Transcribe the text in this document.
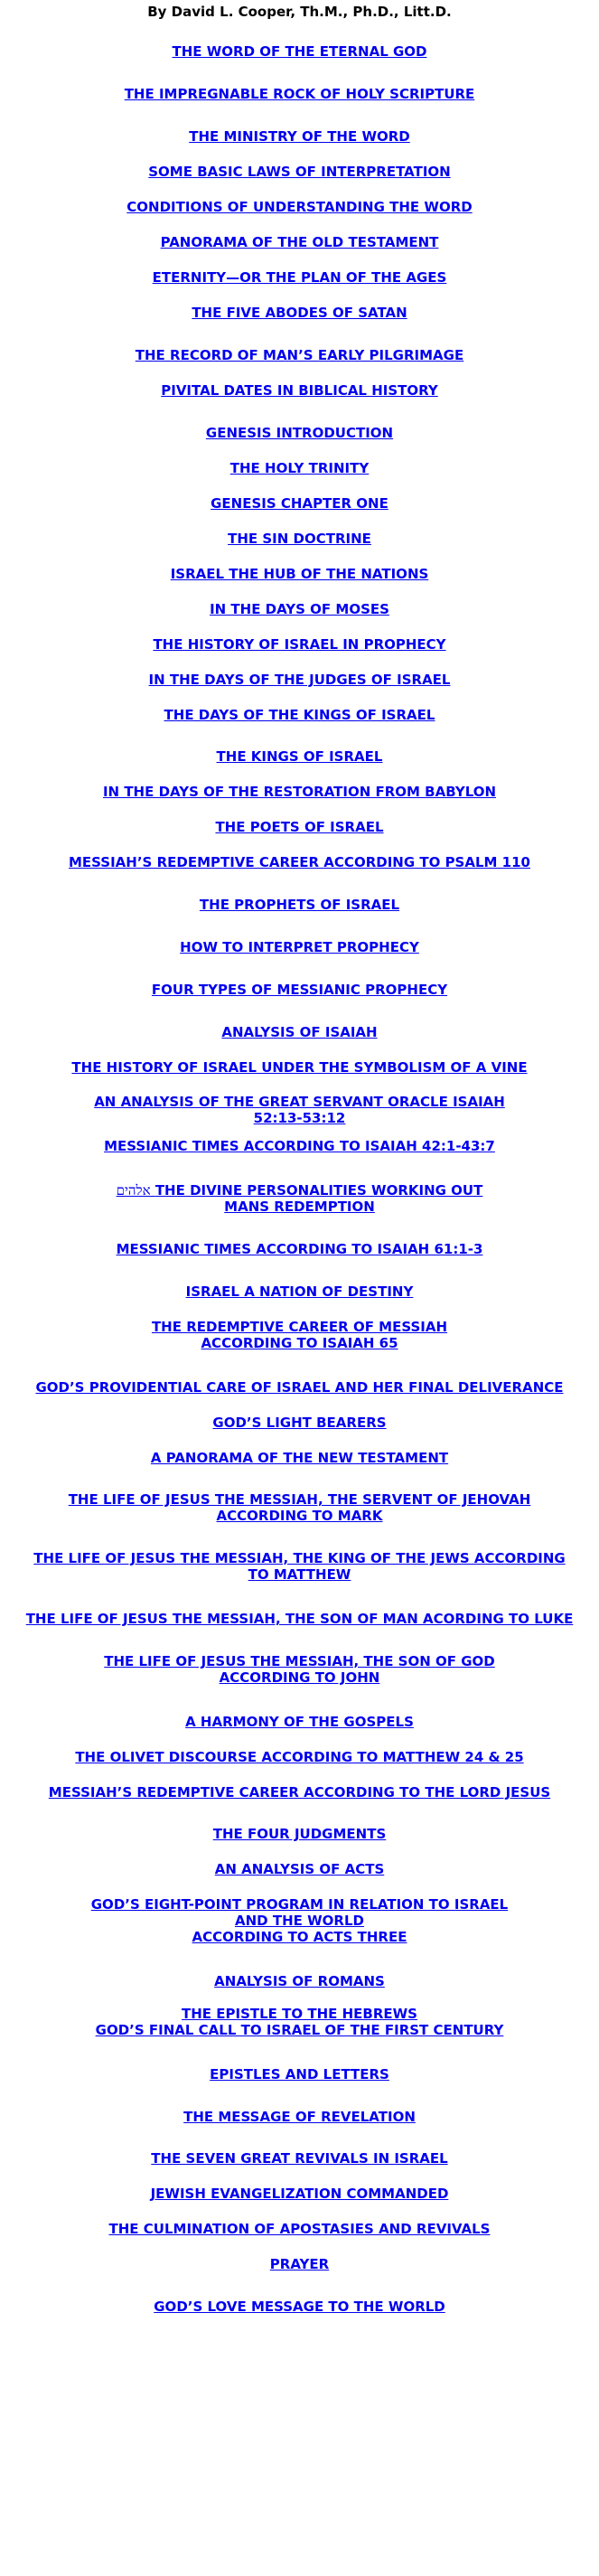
By David L. Cooper, Th.M., Ph.D., Litt.D.

THE WORD OF THE ETERNAL GOD
THE IMPREGNABLE ROCK OF HOLY SCRIPTURE
THE MINISTRY OF THE WORD
SOME BASIC LAWS OF INTERPRETATION
CONDITIONS OF UNDERSTANDING THE WORD
PANORAMA OF THE OLD TESTAMENT
ETERNITY—OR THE PLAN OF THE AGES
THE FIVE ABODES OF SATAN
THE RECORD OF MAN’S EARLY PILGRIMAGE
PIVITAL DATES IN BIBLICAL HISTORY
GENESIS INTRODUCTION
THE HOLY TRINITY
GENESIS CHAPTER ONE
THE SIN DOCTRINE
ISRAEL THE HUB OF THE NATIONS
IN THE DAYS OF MOSES
THE HISTORY OF ISRAEL IN PROPHECY
IN THE DAYS OF THE JUDGES OF ISRAEL
THE DAYS OF THE KINGS OF ISRAEL
THE KINGS OF ISRAEL
IN THE DAYS OF THE RESTORATION FROM BABYLON
THE POETS OF ISRAEL
MESSIAH’S REDEMPTIVE CAREER ACCORDING TO PSALM 110
THE PROPHETS OF ISRAEL
HOW TO INTERPRET PROPHECY
FOUR TYPES OF MESSIANIC PROPHECY
ANALYSIS OF ISAIAH
THE HISTORY OF ISRAEL UNDER THE SYMBOLISM OF A VINE
AN ANALYSIS OF THE GREAT SERVANT ORACLE ISAIAH
52:13-53:12
MESSIANIC TIMES ACCORDING TO ISAIAH 42:1-43:7
אלהים THE DIVINE PERSONALITIES WORKING OUT
MANS REDEMPTION
MESSIANIC TIMES ACCORDING TO ISAIAH 61:1-3
ISRAEL A NATION OF DESTINY
THE REDEMPTIVE CAREER OF MESSIAH
ACCORDING TO ISAIAH 65
GOD’S PROVIDENTIAL CARE OF ISRAEL AND HER FINAL DELIVERANCE
GOD’S LIGHT BEARERS
A PANORAMA OF THE NEW TESTAMENT
THE LIFE OF JESUS THE MESSIAH, THE SERVENT OF JEHOVAH
ACCORDING TO MARK
THE LIFE OF JESUS THE MESSIAH, THE KING OF THE JEWS ACCORDING
TO MATTHEW
THE LIFE OF JESUS THE MESSIAH, THE SON OF MAN ACORDING TO LUKE
THE LIFE OF JESUS THE MESSIAH, THE SON OF GOD
ACCORDING TO JOHN
A HARMONY OF THE GOSPELS
THE OLIVET DISCOURSE ACCORDING TO MATTHEW 24 & 25
MESSIAH’S REDEMPTIVE CAREER ACCORDING TO THE LORD JESUS
THE FOUR JUDGMENTS
AN ANALYSIS OF ACTS
GOD’S EIGHT-POINT PROGRAM IN RELATION TO ISRAEL
AND THE WORLD
ACCORDING TO ACTS THREE
ANALYSIS OF ROMANS
THE EPISTLE TO THE HEBREWS
GOD’S FINAL CALL TO ISRAEL OF THE FIRST CENTURY
EPISTLES AND LETTERS
THE MESSAGE OF REVELATION
THE SEVEN GREAT REVIVALS IN ISRAEL
JEWISH EVANGELIZATION COMMANDED
THE CULMINATION OF APOSTASIES AND REVIVALS
PRAYER
GOD’S LOVE MESSAGE TO THE WORLD
